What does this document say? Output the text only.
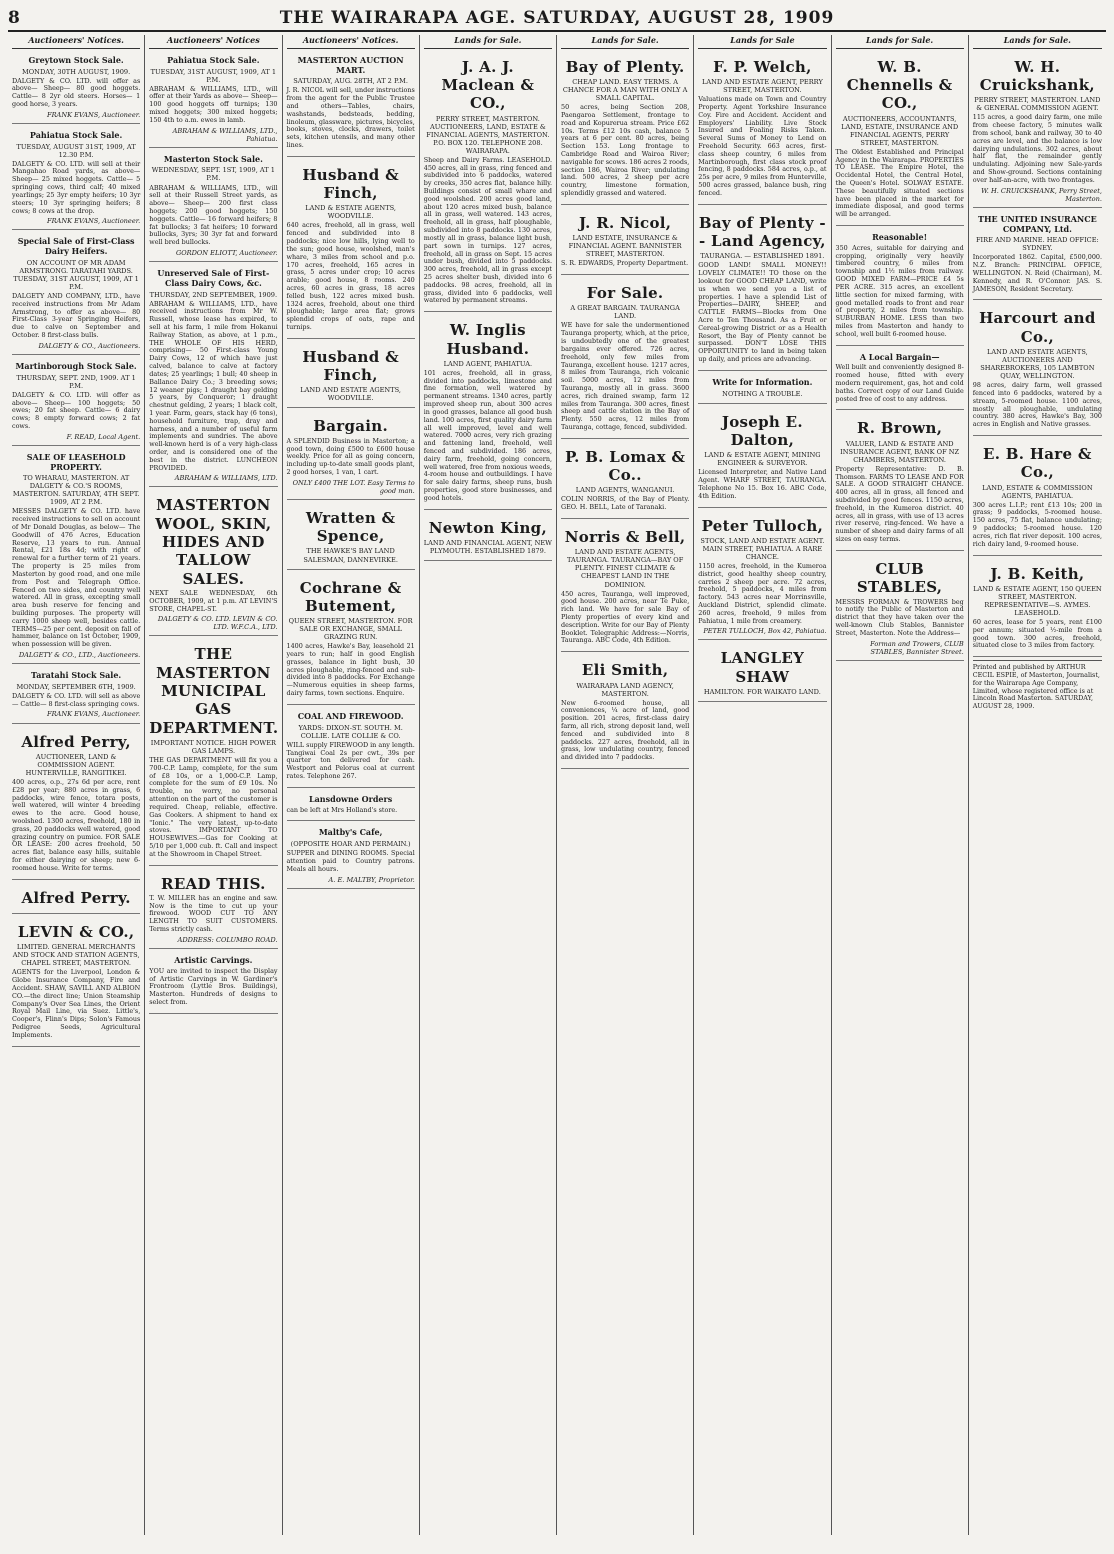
8	THE WAIRARAPA AGE. SATURDAY, AUGUST 28, 1909
Auctioneers' Notices.
Greytown Stock Sale.
MONDAY, 30TH AUGUST, 1909.
DALGETY & CO. LTD. will offer as above— Sheep— 80 good hoggets. Cattle— 8 2yr old steers. Horses— 1 good horse, 3 years.
FRANK EVANS, Auctioneer.
Pahiatua Stock Sale.
TUESDAY, AUGUST 31ST, 1909, AT 12.30 P.M.
DALGETY & CO. LTD. will sell at their Mangahao Road yards, as above— Sheep— 25 mixed hoggets. Cattle— 5 springing cows, third calf; 40 mixed yearlings; 25 3yr empty heifers; 10 3yr steers; 10 3yr springing heifers; 8 cows; 8 cows at the drop.
FRANK EVANS, Auctioneer.
Special Sale of First-Class Dairy Heifers.
ON ACCOUNT OF MR ADAM ARMSTRONG. TARATAHI YARDS. TUESDAY, 31ST AUGUST, 1909, AT 1 P.M.
DALGETY AND COMPANY, LTD., have received instructions from Mr Adam Armstrong, to offer as above— 80 First-Class 3-year Springing Heifers, due to calve on September and October. 8 first-class bulls.
DALGETY & CO., Auctioneers.
Martinborough Stock Sale.
THURSDAY, SEPT. 2ND, 1909. AT 1 P.M.
DALGETY & CO. LTD. will offer as above— Sheep— 100 hoggets; 50 ewes; 20 fat sheep. Cattle— 6 dairy cows; 8 empty forward cows; 2 fat cows.
F. READ, Local Agent.
SALE OF LEASEHOLD PROPERTY.
TO WHARAU, MASTERTON. AT DALGETY & CO.'S ROOMS, MASTERTON. SATURDAY, 4TH SEPT. 1909, AT 2 P.M.
MESSES DALGETY & CO. LTD. have received instructions to sell on account of Mr Donald Douglas, as below— The Goodwill of 476 Acres, Education Reserve, 13 years to run. Annual Rental, £21 18s 4d; with right of renewal for a further term of 21 years. The property is 25 miles from Masterton by good road, and one mile from Post and Telegraph Office. Fenced on two sides, and country well watered. All in grass, excepting small area bush reserve for fencing and building purposes. The property will carry 1000 sheep well, besides cattle. TERMS—25 per cent. deposit on fall of hammer, balance on 1st October, 1909, when possession will be given.
DALGETY & CO., LTD., Auctioneers.
Taratahi Stock Sale.
MONDAY, SEPTEMBER 6TH, 1909.
DALGETY & CO. LTD. will sell as above— Cattle— 8 first-class springing cows.
FRANK EVANS, Auctioneer.
Alfred Perry,
AUCTIONEER, LAND & COMMISSION AGENT. HUNTERVILLE, RANGITIKEI.
400 acres, o.p., 27s 6d per acre, rent £28 per year; 880 acres in grass, 6 paddocks, wire fence, totara posts, well watered, will winter 4 breeding ewes to the acre. Good house, woolshed. 1300 acres, freehold, 180 in grass, 20 paddocks well watered, good grazing country on pumice. FOR SALE OR LEASE: 200 acres freehold, 50 acres flat, balance easy hills, suitable for either dairying or sheep; new 6-roomed house. Write for terms.
Alfred Perry.
LEVIN & CO.,
LIMITED. GENERAL MERCHANTS AND STOCK AND STATION AGENTS, CHAPEL STREET, MASTERTON.
AGENTS for the Liverpool, London & Globe Insurance Company, Fire and Accident. SHAW, SAVILL AND ALBION CO.—the direct line; Union Steamship Company's Over Sea Lines, the Orient Royal Mail Line, via Suez. Little's, Cooper's, Flinn's Dips; Solon's Famous Pedigree Seeds, Agricultural Implements.
Auctioneers' Notices
Pahiatua Stock Sale.
TUESDAY, 31ST AUGUST, 1909, AT 1 P.M.
ABRAHAM & WILLIAMS, LTD., will offer at their Yards as above— Sheep— 100 good hoggets off turnips; 130 mixed hoggets; 300 mixed hoggets; 150 4th to a.m. ewes in lamb.
ABRAHAM & WILLIAMS, LTD., Pahiatua.
Masterton Stock Sale.
WEDNESDAY, SEPT. 1ST, 1909, AT 1 P.M.
ABRAHAM & WILLIAMS, LTD., will sell at their Russell Street yards, as above— Sheep— 200 first class hoggets; 200 good hoggets; 150 hoggets. Cattle— 16 forward heifers; 8 fat bullocks; 3 fat heifers; 10 forward bullocks, 3yrs; 30 3yr fat and forward well bred bullocks.
GORDON ELIOTT, Auctioneer.
Unreserved Sale of First-Class Dairy Cows, &c.
THURSDAY, 2ND SEPTEMBER, 1909.
ABRAHAM & WILLIAMS, LTD., have received instructions from Mr W. Russell, whose lease has expired, to sell at his farm, 1 mile from Hokanui Railway Station, as above, at 1 p.m., THE WHOLE OF HIS HERD, comprising— 50 First-class Young Dairy Cows, 12 of which have just calved, balance to calve at factory dates; 25 yearlings; 1 bull; 40 sheep in Ballance Dairy Co.; 3 breeding sows; 12 weaner pigs; 1 draught bay gelding 5 years, by Conqueror; 1 draught chestnut gelding, 2 years; 1 black colt, 1 year. Farm, gears, stack hay (6 tons), household furniture, trap, dray and harness, and a number of useful farm implements and sundries. The above well-known herd is of a very high-class order, and is considered one of the best in the district. LUNCHEON PROVIDED.
ABRAHAM & WILLIAMS, LTD.
MASTERTON WOOL, SKIN, HIDES AND TALLOW SALES.
NEXT SALE WEDNESDAY, 6th OCTOBER, 1909, at 1 p.m. AT LEVIN'S STORE, CHAPEL-ST.
DALGETY & CO. LTD. LEVIN & CO. LTD. W.F.C.A., LTD.
THE MASTERTON MUNICIPAL GAS DEPARTMENT.
IMPORTANT NOTICE. HIGH POWER GAS LAMPS.
THE GAS DEPARTMENT will fix you a 700-C.P. Lamp, complete, for the sum of £8 10s, or a 1,000-C.P. Lamp, complete for the sum of £9 10s. No trouble, no worry, no personal attention on the part of the customer is required. Cheap, reliable, effective. Gas Cookers. A shipment to hand ex "Ionic." The very latest, up-to-date stoves. IMPORTANT TO HOUSEWIVES.—Gas for Cooking at 5/10 per 1,000 cub. ft. Call and inspect at the Showroom in Chapel Street.
READ THIS.
T. W. MILLER has an engine and saw. Now is the time to cut up your firewood. WOOD CUT TO ANY LENGTH TO SUIT CUSTOMERS. Terms strictly cash.
ADDRESS: COLUMBO ROAD.
Artistic Carvings.
YOU are invited to inspect the Display of Artistic Carvings in W. Gardiner's Frontroom (Lyttle Bros. Buildings), Masterton. Hundreds of designs to select from.
Auctioneers' Notices.
MASTERTON AUCTION MART.
SATURDAY, AUG. 28TH, AT 2 P.M.
J. R. NICOL will sell, under instructions from the agent for the Public Trustee and others—Tables, chairs, washstands, bedsteads, bedding, linoleum, glassware, pictures, bicycles, books, stoves, clocks, drawers, toilet sets, kitchen utensils, and many other lines.
Husband & Finch,
LAND & ESTATE AGENTS, WOODVILLE.
640 acres, freehold, all in grass, well fenced and subdivided into 8 paddocks; nice low hills, lying well to the sun; good house, woolshed, man's whare, 3 miles from school and p.o. 170 acres, freehold, 165 acres in grass, 5 acres under crop; 10 acres arable; good house, 8 rooms. 240 acres, 60 acres in grass, 18 acres felled bush, 122 acres mixed bush. 1324 acres, freehold, about one third ploughable; large area flat; grows splendid crops of oats, rape and turnips.
Husband & Finch,
LAND AND ESTATE AGENTS, WOODVILLE.
Bargain.
A SPLENDID Business in Masterton; a good town, doing £500 to £600 house weekly. Price for all as going concern, including up-to-date small goods plant, 2 good horses, 1 van, 1 cart.
ONLY £400 THE LOT. Easy Terms to good man.
Wratten & Spence,
THE HAWKE'S BAY LAND SALESMAN, DANNEVIRKE.
Cochrane & Butement,
QUEEN STREET, MASTERTON. FOR SALE OR EXCHANGE, SMALL GRAZING RUN.
1400 acres, Hawke's Bay, leasehold 21 years to run; half in good English grasses, balance in light bush, 30 acres ploughable, ring-fenced and sub-divided into 8 paddocks. For Exchange—Numerous equities in sheep farms, dairy farms, town sections. Enquire.
COAL AND FIREWOOD.
YARDS: DIXON-ST. SOUTH. M. COLLIE. LATE COLLIE & CO.
WILL supply FIREWOOD in any length. Tangiwai Coal 2s per cwt., 39s per quarter ton delivered for cash. Westport and Pelorus coal at current rates. Telephone 267.
Lansdowne Orders
can be left at Mrs Holland's store.
Maltby's Cafe,
(OPPOSITE HOAR AND PERMAIN.)
SUPPER and DINING ROOMS. Special attention paid to Country patrons. Meals all hours.
A. E. MALTBY, Proprietor.
Lands for Sale.
J. A. J. Maclean & CO.,
PERRY STREET, MASTERTON. AUCTIONEERS, LAND, ESTATE & FINANCIAL AGENTS, MASTERTON. P.O. BOX 120. TELEPHONE 208. WAIRARAPA.
Sheep and Dairy Farms. LEASEHOLD. 450 acres, all in grass, ring fenced and subdivided into 6 paddocks, watered by creeks, 350 acres flat, balance hilly. Buildings consist of small whare and good woolshed. 200 acres good land, about 120 acres mixed bush, balance all in grass, well watered. 143 acres, freehold, all in grass, half ploughable, subdivided into 8 paddocks. 130 acres, mostly all in grass, balance light bush, part sown in turnips. 127 acres, freehold, all in grass on Sept. 15 acres under bush, divided into 5 paddocks. 300 acres, freehold, all in grass except 25 acres shelter bush, divided into 6 paddocks. 98 acres, freehold, all in grass, divided into 6 paddocks, well watered by permanent streams.
W. Inglis Husband.
LAND AGENT, PAHIATUA.
101 acres, freehold, all in grass, divided into paddocks, limestone and fine formation, well watered by permanent streams. 1340 acres, partly improved sheep run, about 300 acres in good grasses, balance all good bush land. 100 acres, first quality dairy farm all well improved, level and well watered. 7000 acres, very rich grazing and fattening land, freehold, well fenced and subdivided. 186 acres, dairy farm, freehold, going concern, well watered, free from noxious weeds, 4-room house and outbuildings. I have for sale dairy farms, sheep runs, bush properties, good store businesses, and good hotels.
Newton King,
LAND AND FINANCIAL AGENT, NEW PLYMOUTH. ESTABLISHED 1879.
Lands for Sale.
Bay of Plenty.
CHEAP LAND. EASY TERMS. A CHANCE FOR A MAN WITH ONLY A SMALL CAPITAL.
50 acres, being Section 208, Paengaroa Settlement, frontage to road and Kopurerua stream. Price £62 10s. Terms £12 10s cash, balance 5 years at 6 per cent. 80 acres, being Section 153. Long frontage to Cambridge Road and Wairoa River; navigable for scows. 186 acres 2 roods, section 186, Wairoa River; undulating land. 500 acres, 2 sheep per acre country, limestone formation, splendidly grassed and watered.
J. R. Nicol,
LAND ESTATE, INSURANCE & FINANCIAL AGENT. BANNISTER STREET, MASTERTON.
S. R. EDWARDS, Property Department.
For Sale.
A GREAT BARGAIN. TAURANGA LAND.
WE have for sale the undermentioned Tauranga property, which, at the price, is undoubtedly one of the greatest bargains ever offered. 726 acres, freehold, only few miles from Tauranga, excellent house. 1217 acres, 8 miles from Tauranga, rich volcanic soil. 5000 acres, 12 miles from Tauranga, mostly all in grass. 3600 acres, rich drained swamp, farm 12 miles from Tauranga. 300 acres, finest sheep and cattle station in the Bay of Plenty. 550 acres, 12 miles from Tauranga, cottage, fenced, subdivided.
P. B. Lomax & Co..
LAND AGENTS, WANGANUI.
COLIN NORRIS, of the Bay of Plenty. GEO. H. BELL, Late of Taranaki.
Norris & Bell,
LAND AND ESTATE AGENTS, TAURANGA. TAURANGA—BAY OF PLENTY. FINEST CLIMATE & CHEAPEST LAND IN THE DOMINION.
450 acres, Tauranga, well improved, good house. 200 acres, near Te Puke, rich land. We have for sale Bay of Plenty properties of every kind and description. Write for our Bay of Plenty Booklet. Telegraphic Address:—Norris, Tauranga. ABC Code, 4th Edition.
Eli Smith,
WAIRARAPA LAND AGENCY, MASTERTON.
New 6-roomed house, all conveniences, ¼ acre of land, good position. 201 acres, first-class dairy farm, all rich, strong deposit land, well fenced and subdivided into 8 paddocks. 227 acres, freehold, all in grass, low undulating country, fenced and divided into 7 paddocks.
Lands for Sale
F. P. Welch,
LAND AND ESTATE AGENT, PERRY STREET, MASTERTON.
Valuations made on Town and Country Property. Agent Yorkshire Insurance Coy. Fire and Accident. Accident and Employers' Liability. Live Stock Insured and Foaling Risks Taken. Several Sums of Money to Lend on Freehold Security. 663 acres, first-class sheep country, 6 miles from Martinborough, first class stock proof fencing, 8 paddocks. 584 acres, o.p., at 25s per acre, 9 miles from Hunterville, 500 acres grassed, balance bush, ring fenced.
Bay of Plenty - - Land Agency,
TAURANGA. — ESTABLISHED 1891.
GOOD LAND! SMALL MONEY!! LOVELY CLIMATE!! TO those on the lookout for GOOD CHEAP LAND, write us when we send you a list of properties. I have a splendid List of Properties—DAIRY, SHEEP, and CATTLE FARMS—Blocks from One Acre to Ten Thousand. As a Fruit or Cereal-growing District or as a Health Resort, the Bay of Plenty cannot be surpassed. DON'T LOSE THIS OPPORTUNITY to land in being taken up daily, and prices are advancing.
Write for Information.
NOTHING A TROUBLE.
Joseph E. Dalton,
LAND & ESTATE AGENT, MINING ENGINEER & SURVEYOR.
Licensed Interpreter, and Native Land Agent. WHARF STREET, TAURANGA. Telephone No 15. Box 16. ABC Code, 4th Edition.
Peter Tulloch,
STOCK, LAND AND ESTATE AGENT. MAIN STREET, PAHIATUA. A RARE CHANCE.
1150 acres, freehold, in the Kumeroa district, good healthy sheep country, carries 2 sheep per acre. 72 acres, freehold, 5 paddocks, 4 miles from factory. 543 acres near Morrinsville, Auckland District, splendid climate. 260 acres, freehold, 9 miles from Pahiatua, 1 mile from creamery.
PETER TULLOCH, Box 42, Pahiatua.
LANGLEY SHAW
HAMILTON. FOR WAIKATO LAND.
Lands for Sale.
W. B. Chennells & CO.,
AUCTIONEERS, ACCOUNTANTS, LAND, ESTATE, INSURANCE AND FINANCIAL AGENTS, PERRY STREET, MASTERTON.
The Oldest Established and Principal Agency in the Wairarapa. PROPERTIES TO LEASE. The Empire Hotel, the Occidental Hotel, the Central Hotel, the Queen's Hotel. SOLWAY ESTATE. These beautifully situated sections have been placed in the market for immediate disposal, and good terms will be arranged.
Reasonable!
350 Acres, suitable for dairying and cropping, originally very heavily timbered country, 6 miles from township and 1½ miles from railway. GOOD MIXED FARM—PRICE £4 5s PER ACRE. 315 acres, an excellent little section for mixed farming, with good metalled roads to front and rear of property, 2 miles from township. SUBURBAN HOME. LESS than two miles from Masterton and handy to school, well built 6-roomed house.
A Local Bargain—
Well built and conveniently designed 8-roomed house, fitted with every modern requirement, gas, hot and cold baths. Correct copy of our Land Guide posted free of cost to any address.
R. Brown,
VALUER, LAND & ESTATE AND INSURANCE AGENT, BANK OF NZ CHAMBERS, MASTERTON.
Property Representative: D. B. Thomson. FARMS TO LEASE AND FOR SALE. A GOOD STRAIGHT CHANCE. 400 acres, all in grass, all fenced and subdivided by good fences. 1150 acres, freehold, in the Kumeroa district. 40 acres, all in grass, with use of 13 acres river reserve, ring-fenced. We have a number of sheep and dairy farms of all sizes on easy terms.
CLUB STABLES,
MESSRS FORMAN & TROWERS beg to notify the Public of Masterton and district that they have taken over the well-known Club Stables, Bannister Street, Masterton. Note the Address—
Forman and Trowers, CLUB STABLES, Bannister Street.
Lands for Sale.
W. H. Cruickshank,
PERRY STREET, MASTERTON. LAND & GENERAL COMMISSION AGENT.
115 acres, a good dairy farm, one mile from cheese factory, 5 minutes walk from school, bank and railway, 30 to 40 acres are level, and the balance is low dairying undulations. 302 acres, about half flat, the remainder gently undulating. Adjoining new Sale-yards and Show-ground. Sections containing over half-an-acre, with two frontages.
W. H. CRUICKSHANK, Perry Street, Masterton.
THE UNITED INSURANCE COMPANY, Ltd.
FIRE AND MARINE. HEAD OFFICE: SYDNEY.
Incorporated 1862. Capital, £500,000. N.Z. Branch: PRINCIPAL OFFICE, WELLINGTON. N. Reid (Chairman), M. Kennedy, and R. O'Connor. JAS. S. JAMESON, Resident Secretary.
Harcourt and Co.,
LAND AND ESTATE AGENTS, AUCTIONEERS AND SHAREBROKERS, 105 LAMBTON QUAY, WELLINGTON.
98 acres, dairy farm, well grassed fenced into 6 paddocks, watered by a stream, 5-roomed house. 1100 acres, mostly all ploughable, undulating country. 380 acres, Hawke's Bay, 300 acres in English and Native grasses.
E. B. Hare & Co.,
LAND, ESTATE & COMMISSION AGENTS, PAHIATUA.
300 acres L.I.P.; rent £13 10s; 200 in grass; 9 paddocks, 5-roomed house. 150 acres, 75 flat, balance undulating; 9 paddocks; 5-roomed house. 120 acres, rich flat river deposit. 100 acres, rich dairy land, 9-roomed house.
J. B. Keith,
LAND & ESTATE AGENT, 150 QUEEN STREET, MASTERTON. REPRESENTATIVE—S. AYMES. LEASEHOLD.
60 acres, lease for 5 years, rent £100 per annum; situated ½-mile from a good town. 300 acres, freehold, situated close to 3 miles from factory.
Printed and published by ARTHUR CECIL ESPIE, of Masterton, Journalist, for the Wairarapa Age Company, Limited, whose registered office is at Lincoln Road Masterton. SATURDAY, AUGUST 28, 1909.
